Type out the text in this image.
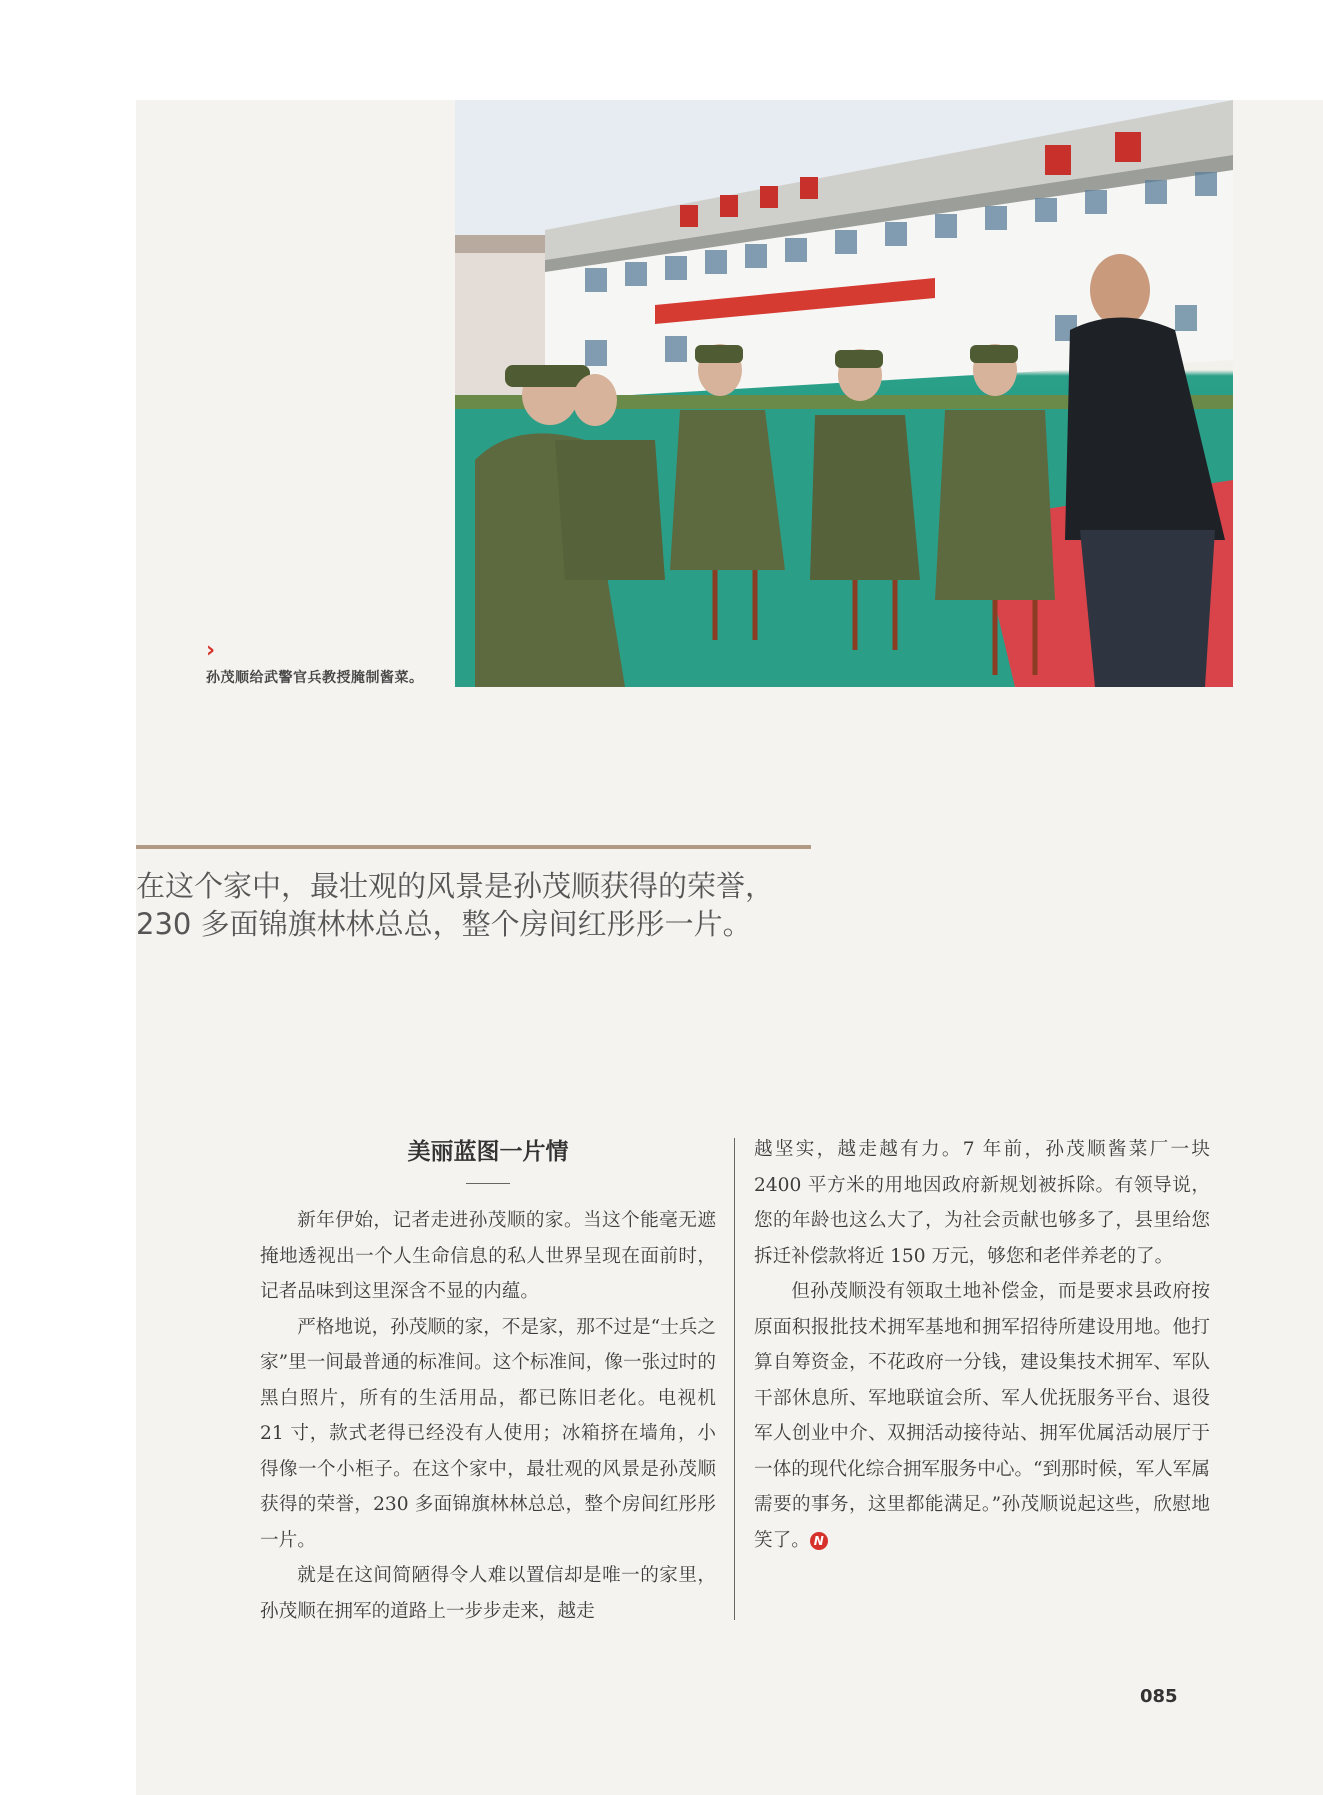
›
孙茂顺给武警官兵教授腌制酱菜。

在这个家中，最壮观的风景是孙茂顺获得的荣誉，
230 多面锦旗林林总总，整个房间红彤彤一片。

美丽蓝图一片情

新年伊始，记者走进孙茂顺的家。当这个能毫无遮掩地透视出一个人生命信息的私人世界呈现在面前时，记者品味到这里深含不显的内蕴。

严格地说，孙茂顺的家，不是家，那不过是“士兵之家”里一间最普通的标准间。这个标准间，像一张过时的黑白照片，所有的生活用品，都已陈旧老化。电视机 21 寸，款式老得已经没有人使用；冰箱挤在墙角，小得像一个小柜子。在这个家中，最壮观的风景是孙茂顺获得的荣誉，230 多面锦旗林林总总，整个房间红彤彤一片。

就是在这间简陋得令人难以置信却是唯一的家里，孙茂顺在拥军的道路上一步步走来，越走

越坚实，越走越有力。7 年前，孙茂顺酱菜厂一块 2400 平方米的用地因政府新规划被拆除。有领导说，您的年龄也这么大了，为社会贡献也够多了，县里给您拆迁补偿款将近 150 万元，够您和老伴养老的了。

但孙茂顺没有领取土地补偿金，而是要求县政府按原面积报批技术拥军基地和拥军招待所建设用地。他打算自筹资金，不花政府一分钱，建设集技术拥军、军队干部休息所、军地联谊会所、军人优抚服务平台、退役军人创业中介、双拥活动接待站、拥军优属活动展厅于一体的现代化综合拥军服务中心。“到那时候，军人军属需要的事务，这里都能满足。”孙茂顺说起这些，欣慰地笑了。 N

085
